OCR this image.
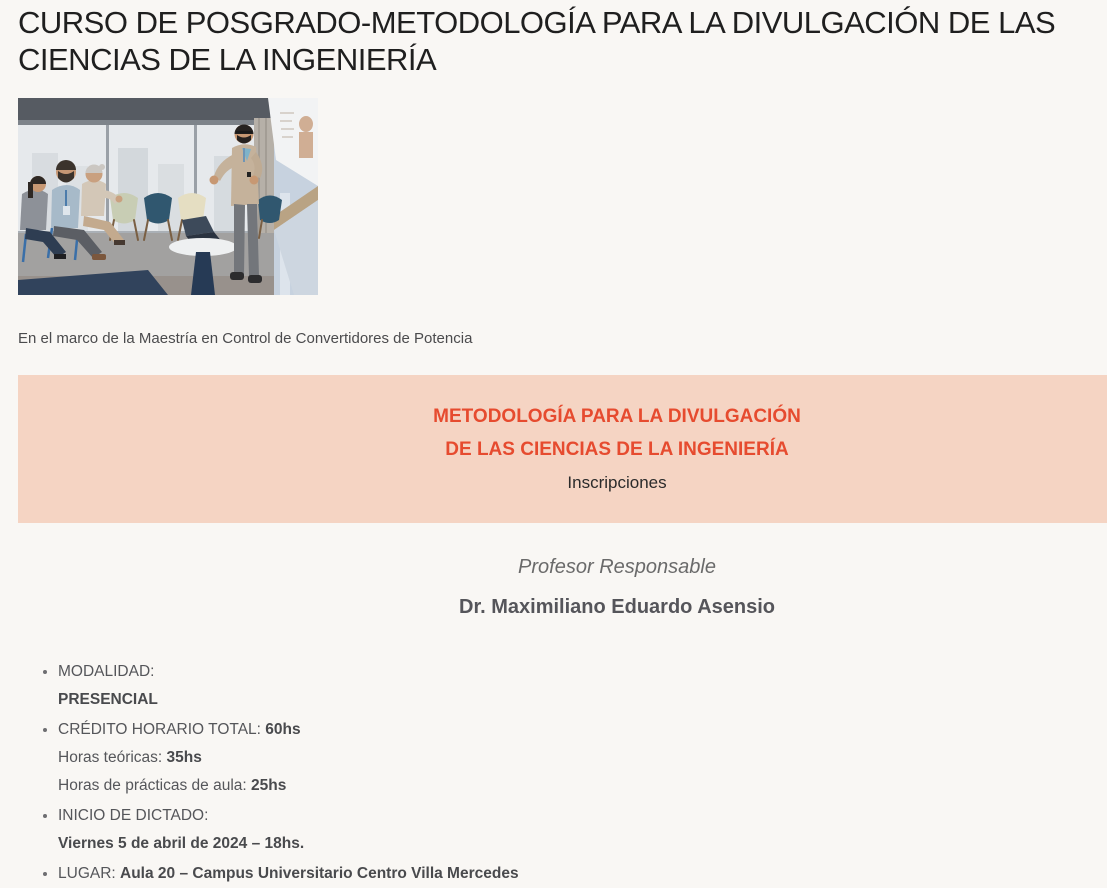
CURSO DE POSGRADO-METODOLOGÍA PARA LA DIVULGACIÓN DE LAS CIENCIAS DE LA INGENIERÍA

En el marco de la Maestría en Control de Convertidores de Potencia

METODOLOGÍA PARA LA DIVULGACIÓN
DE LAS CIENCIAS DE LA INGENIERÍA
Inscripciones
Profesor Responsable
Dr. Maximiliano Eduardo Asensio
• MODALIDAD:
PRESENCIAL
• CRÉDITO HORARIO TOTAL: 60hs
Horas teóricas: 35hs
Horas de prácticas de aula: 25hs
• INICIO DE DICTADO:
Viernes 5 de abril de 2024 – 18hs.
• LUGAR: Aula 20 – Campus Universitario Centro Villa Mercedes
